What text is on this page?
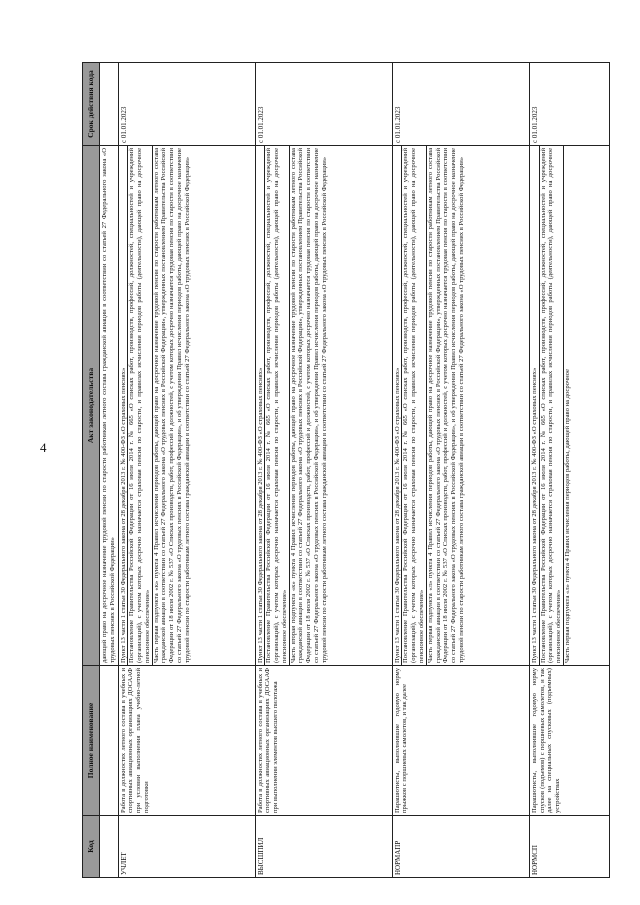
4
Код	Полное наименование	Акт законодательства	Срок действия кода

		дающий право на досрочное назначение трудовой пенсии по старости работникам летного состава гражданской авиации в соответствии со статьей 27 Федерального закона «О трудовых пенсиях в Российской Федерации»	

УЧЛЕТ	Работа в должностях летного состава в учебных и спортивных авиационных организациях ДОСААФ при условии выполнения плана учебно-летной подготовки	Пункт 13 части 1 статьи 30 Федерального закона от 28 декабря 2013 г. № 400-ФЗ «О страховых пенсиях» Постановление Правительства Российской Федерации от 16 июля 2014 г. № 665 «О списках работ, производств, профессий, должностей, специальностей и учреждений (организаций), с учетом которых досрочно назначается страховая пенсия по старости, и правилах исчисления периодов работы (деятельности), дающей право на досрочное пенсионное обеспечение» Часть первая подпункта «к» пункта 4 Правил исчисления периодов работы, дающей право на досрочное назначение трудовой пенсии по старости работникам летного состава гражданской авиации в соответствии со статьей 27 Федерального закона «О трудовых пенсиях в Российской Федерации», утвержденных постановлением Правительства Российской Федерации от 18 июля 2002 г. № 537 «О Списках производств, работ, профессий и должностей, с учетом которых досрочно назначается трудовая пенсия по старости в соответствии со статьей 27 Федерального закона «О трудовых пенсиях в Российской Федерации», и об утверждении Правил исчисления периодов работы, дающей право на досрочное назначение трудовой пенсии по старости работникам летного состава гражданской авиации в соответствии со статьей 27 Федерального закона «О трудовых пенсиях в Российской Федерации»	с 01.01.2023
ВЫСШПИЛ	Работа в должностях летного состава в учебных и спортивных авиационных организациях ДОСААФ при выполнении элементов высшего пилотажа	Пункт 13 части 1 статьи 30 Федерального закона от 28 декабря 2013 г. № 400-ФЗ «О страховых пенсиях» Постановление Правительства Российской Федерации от 16 июля 2014 г. № 665 «О списках работ, производств, профессий, должностей, специальностей и учреждений (организаций), с учетом которых досрочно назначается страховая пенсия по старости, и правилах исчисления периодов работы (деятельности), дающей право на досрочное пенсионное обеспечение» Часть вторая подпункта «к» пункта 4 Правил исчисления периодов работы, дающей право на досрочное назначение трудовой пенсии по старости работникам летного состава гражданской авиации в соответствии со статьей 27 Федерального закона «О трудовых пенсиях в Российской Федерации», утвержденных постановлением Правительства Российской Федерации от 18 июля 2002 г. № 537 «О Списках производств, работ, профессий и должностей, с учетом которых досрочно назначается трудовая пенсия по старости в соответствии со статьей 27 Федерального закона «О трудовых пенсиях в Российской Федерации», и об утверждении Правил исчисления периодов работы, дающей право на досрочное назначение трудовой пенсии по старости работникам летного состава гражданской авиации в соответствии со статьей 27 Федерального закона «О трудовых пенсиях в Российской Федерации»	с 01.01.2023
НОРМАПР	Парашютисты, выполнившие годовую норму прыжков с поршневых самолетов, и так далее	Пункт 13 части 1 статьи 30 Федерального закона от 28 декабря 2013 г. № 400-ФЗ «О страховых пенсиях» Постановление Правительства Российской Федерации от 16 июля 2014 г. № 665 «О списках работ, производств, профессий, должностей, специальностей и учреждений (организаций), с учетом которых досрочно назначается страховая пенсия по старости, и правилах исчисления периодов работы (деятельности), дающей право на досрочное пенсионное обеспечение» Часть первая подпункта «л» пункта 4 Правил исчисления периодов работы, дающей право на досрочное назначение трудовой пенсии по старости работникам летного состава гражданской авиации в соответствии со статьей 27 Федерального закона «О трудовых пенсиях в Российской Федерации», утвержденных постановлением Правительства Российской Федерации от 18 июля 2002 г. № 537 «О Списках производств, работ, профессий и должностей, с учетом которых досрочно назначается трудовая пенсия по старости в соответствии со статьей 27 Федерального закона «О трудовых пенсиях в Российской Федерации», и об утверждении Правил исчисления периодов работы, дающей право на досрочное назначение трудовой пенсии по старости работникам летного состава гражданской авиации в соответствии со статьей 27 Федерального закона «О трудовых пенсиях в Российской Федерации»	с 01.01.2023
НОРМСП	Парашютисты, выполнившие годовую норму спусков (подъемов) с поршневых самолетов, и так далее на специальных спусковых (подъемных) устройствах	Пункт 13 части 1 статьи 30 Федерального закона от 28 декабря 2013 г. № 400-ФЗ «О страховых пенсиях» Постановление Правительства Российской Федерации от 16 июля 2014 г. № 665 «О списках работ, производств, профессий, должностей, специальностей и учреждений (организаций), с учетом которых досрочно назначается страховая пенсия по старости, и правилах исчисления периодов работы (деятельности), дающей право на досрочное пенсионное обеспечение» Часть первая подпункта «л» пункта 4 Правил исчисления периодов работы, дающей право на досрочное	с 01.01.2023
